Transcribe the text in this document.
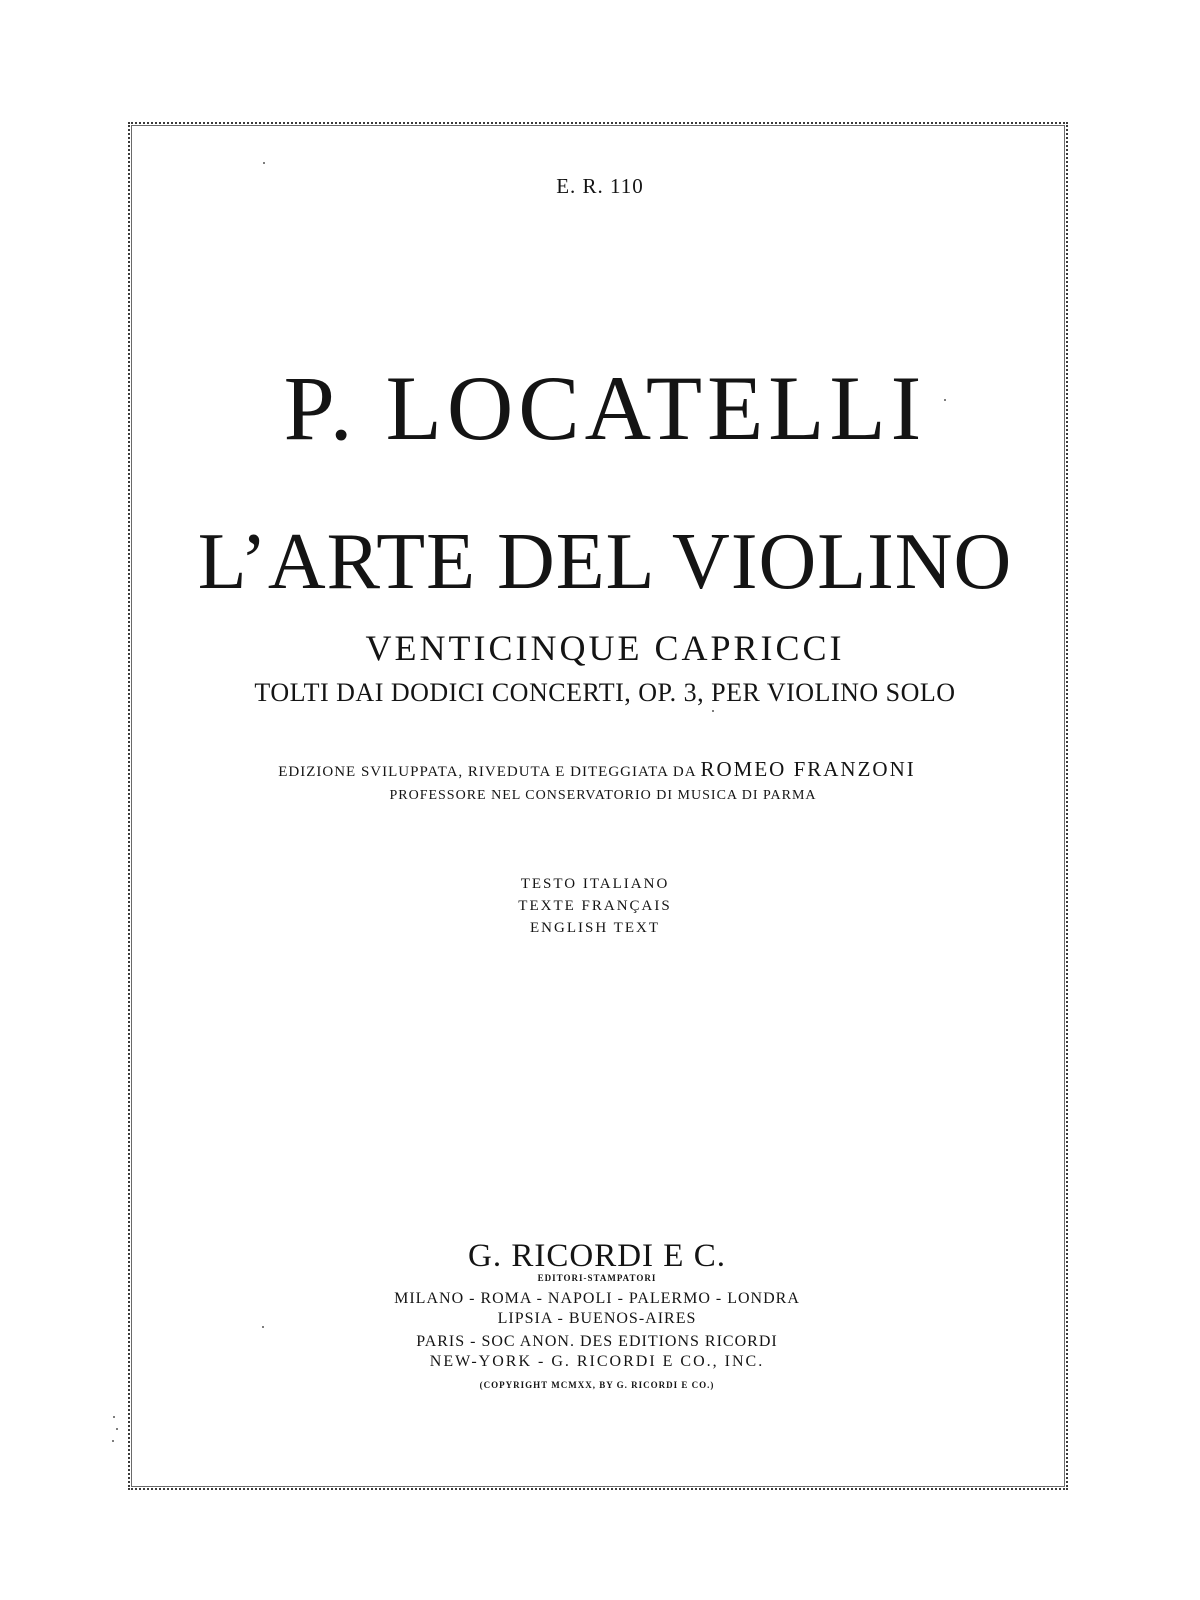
E. R. 110
P. LOCATELLI
L’ARTE DEL VIOLINO
VENTICINQUE CAPRICCI
TOLTI DAI DODICI CONCERTI, OP. 3, PER VIOLINO SOLO
EDIZIONE SVILUPPATA, RIVEDUTA E DITEGGIATA DA ROMEO FRANZONI
PROFESSORE NEL CONSERVATORIO DI MUSICA DI PARMA
TESTO ITALIANO
TEXTE FRANÇAIS
ENGLISH TEXT
G. RICORDI E C.
EDITORI-STAMPATORI
MILANO - ROMA - NAPOLI - PALERMO - LONDRA
LIPSIA - BUENOS-AIRES
PARIS - SOC ANON. DES EDITIONS RICORDI
NEW-YORK - G. RICORDI E CO., INC.
(COPYRIGHT MCMXX, BY G. RICORDI E CO.)
